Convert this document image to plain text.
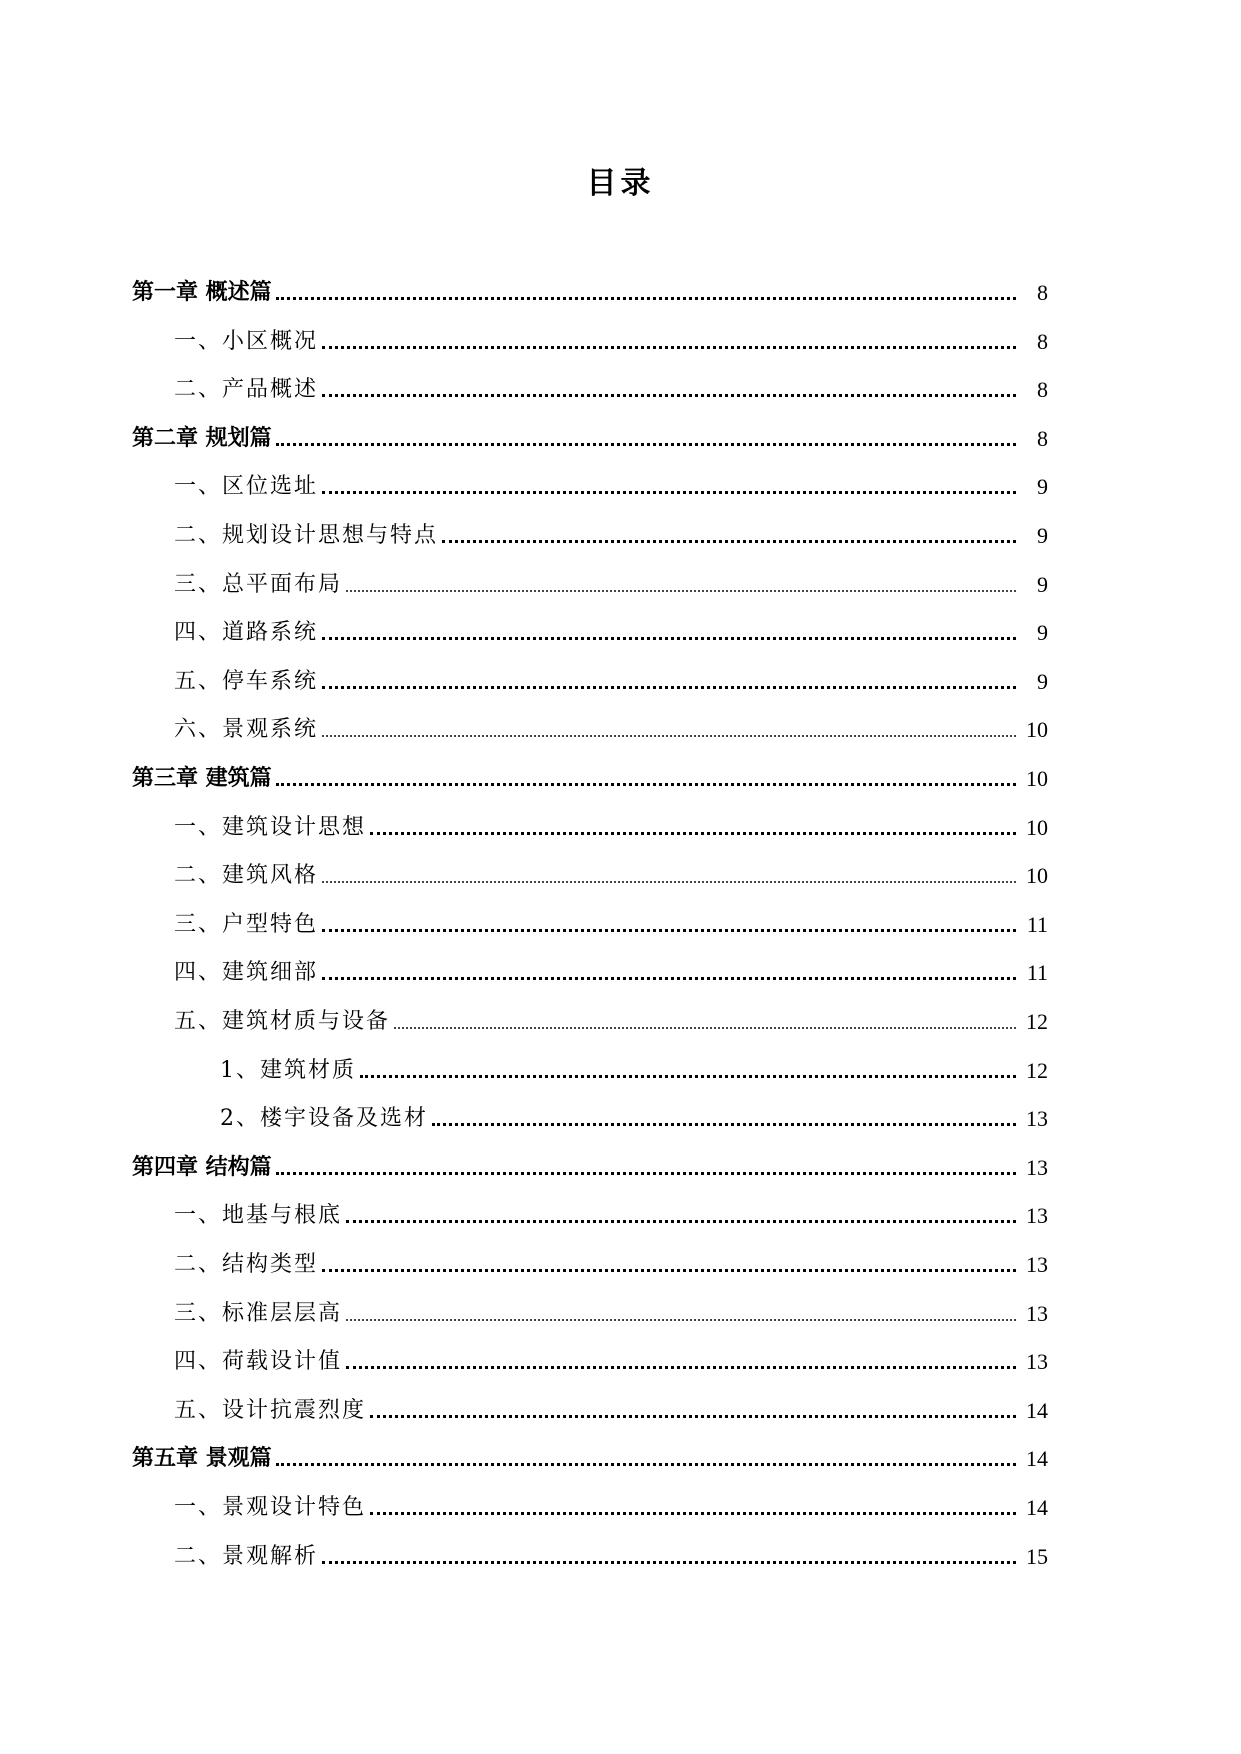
目录
第一章 概述篇	8
一、小区概况	8
二、产品概述	8
第二章 规划篇	8
一、区位选址	9
二、规划设计思想与特点	9
三、总平面布局	9
四、道路系统	9
五、停车系统	9
六、景观系统	10
第三章 建筑篇	10
一、建筑设计思想	10
二、建筑风格	10
三、户型特色	11
四、建筑细部	11
五、建筑材质与设备	12
1、建筑材质	12
2、楼宇设备及选材	13
第四章 结构篇	13
一、地基与根底	13
二、结构类型	13
三、标准层层高	13
四、荷载设计值	13
五、设计抗震烈度	14
第五章 景观篇	14
一、景观设计特色	14
二、景观解析	15
